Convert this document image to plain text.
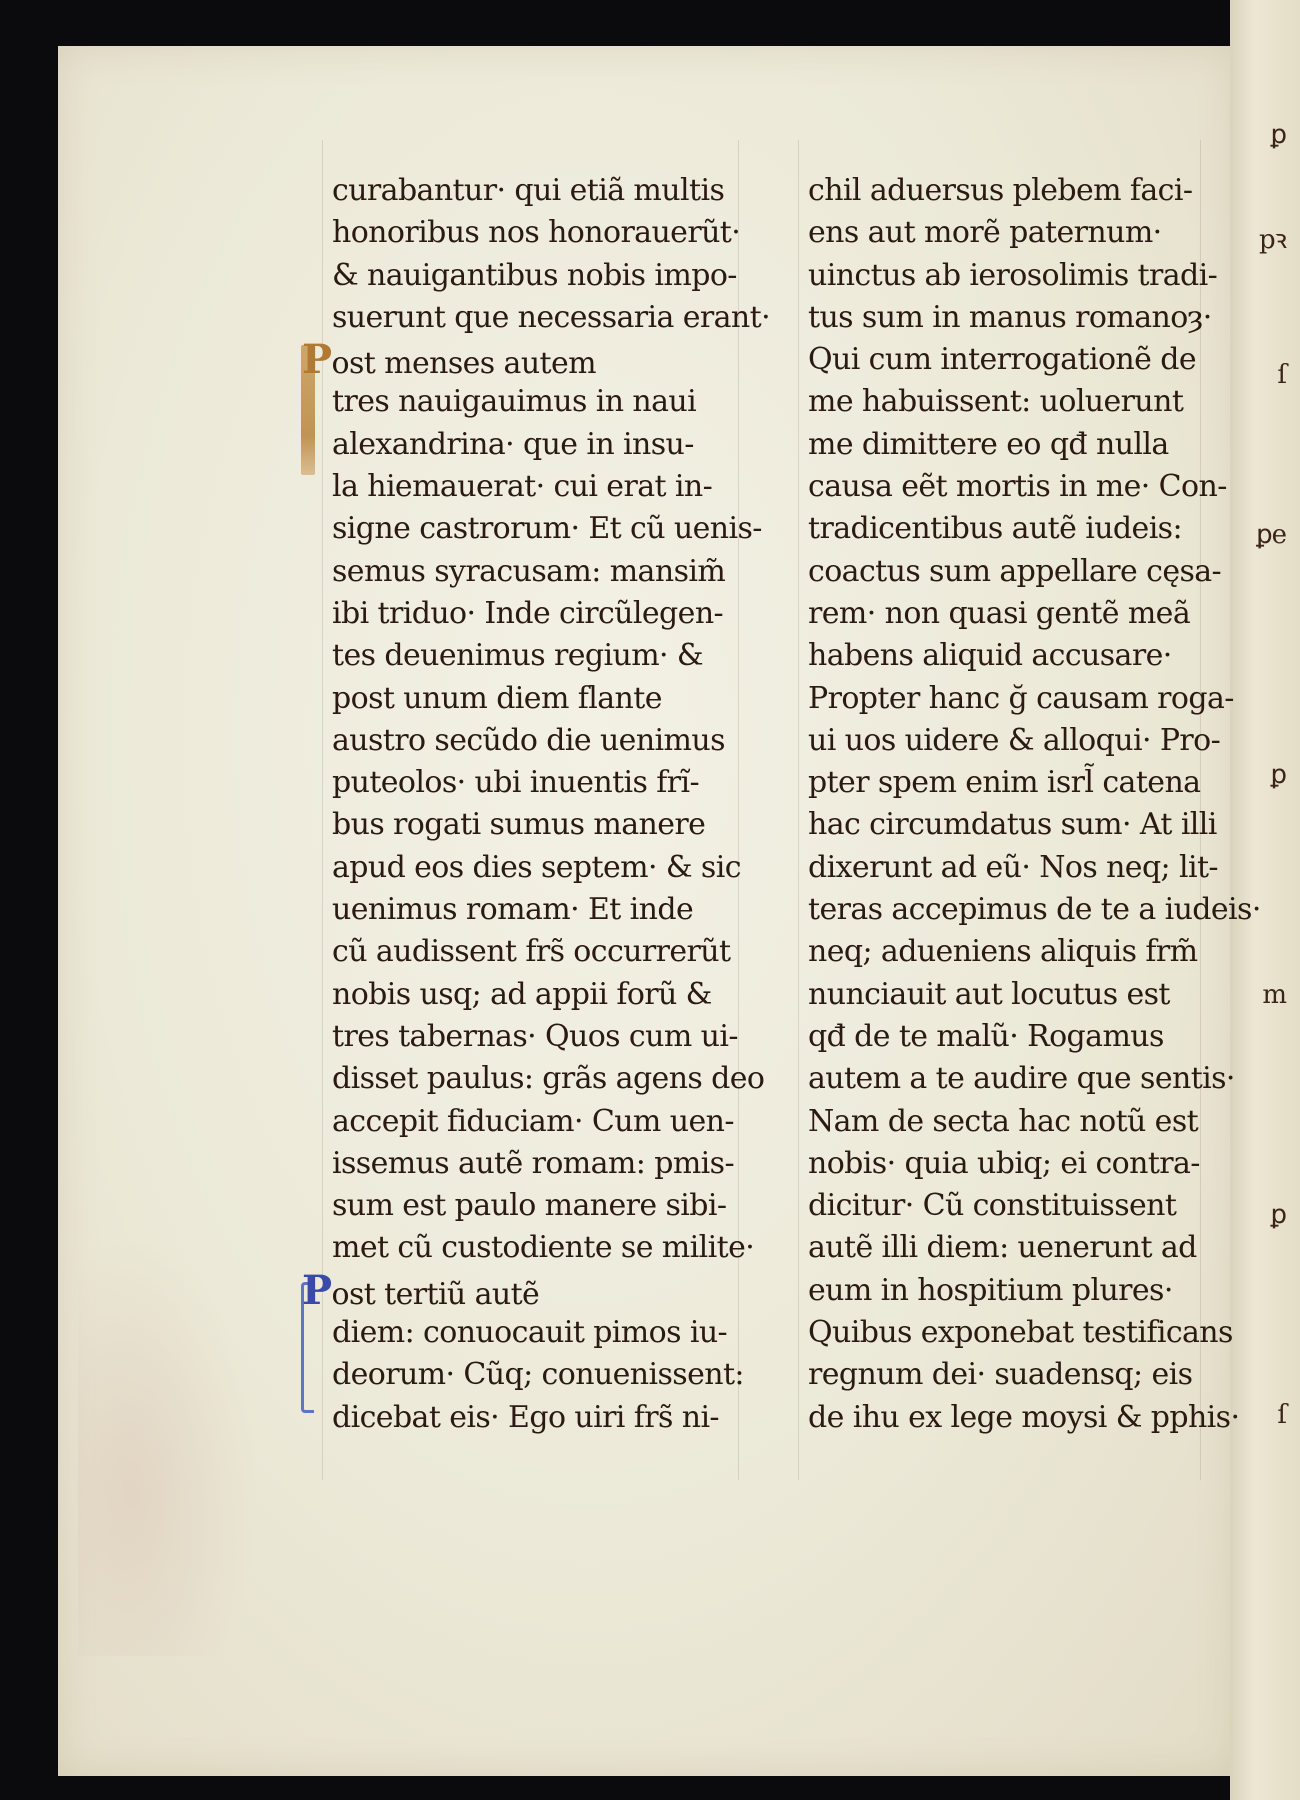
ꝑ
pꝛ
ſ
ꝑe
ꝑ
m
ꝑ
ſ
curabantur· qui etiã multis
honoribus nos honorauerũt·
& nauigantibus nobis impo-
suerunt que necessaria erant·
Post menses autem
tres nauigauimus in naui
alexandrina· que in insu-
la hiemauerat· cui erat in-
signe castrorum· Et cũ uenis-
semus syracusam: mansim̃
ibi triduo· Inde circũlegen-
tes deuenimus regium· &
post unum diem flante
austro secũdo die uenimus
puteolos· ubi inuentis frĩ-
bus rogati sumus manere
apud eos dies septem· & sic
uenimus romam· Et inde
cũ audissent frs̃ occurrerũt
nobis usq; ad appii forũ &
tres tabernas· Quos cum ui-
disset paulus: grãs agens deo
accepit fiduciam· Cum uen-
issemus autẽ romam: pmis-
sum est paulo manere sibi-
met cũ custodiente se milite·
Post tertiũ autẽ
diem: conuocauit pimos iu-
deorum· Cũq; conuenissent:
dicebat eis· Ego uiri frs̃ ni-
chil aduersus plebem faci-
ens aut morẽ paternum·
uinctus ab ierosolimis tradi-
tus sum in manus romanoȝ·
Qui cum interrogationẽ de
me habuissent: uoluerunt
me dimittere eo qđ nulla
causa eẽt mortis in me· Con-
tradicentibus autẽ iudeis:
coactus sum appellare cęsa-
rem· non quasi gentẽ meã
habens aliquid accusare·
Propter hanc ğ causam roga-
ui uos uidere & alloqui· Pro-
pter spem enim isrl̃ catena
hac circumdatus sum· At illi
dixerunt ad eũ· Nos neq; lit-
teras accepimus de te a iudeis·
neq; adueniens aliquis frm̃
nunciauit aut locutus est
qđ de te malũ· Rogamus
autem a te audire que sentis·
Nam de secta hac notũ est
nobis· quia ubiq; ei contra-
dicitur· Cũ constituissent
autẽ illi diem: uenerunt ad
eum in hospitium plures·
Quibus exponebat testificans
regnum dei· suadensq; eis
de ihu ex lege moysi & pphis·
